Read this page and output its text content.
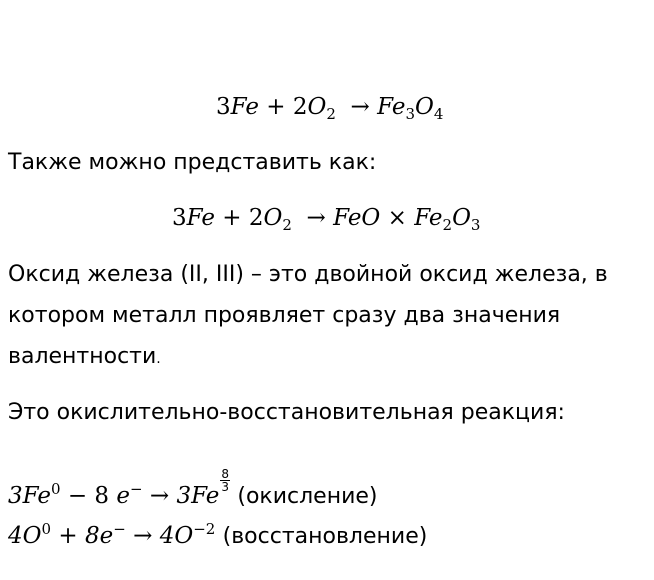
$3Fe + 2O_2 \to Fe_3O_4$
Также можно представить как:
$3Fe + 2O_2$ → FeO × $Fe_2O_3$
Оксид железа (II, III) – это двойной оксид железа, в
котором металл проявляет сразу два значения
валентности.
Это окислительно-восстановительная реакция:
$3Fe^0 - 8$ e− → 3Fe
$\frac{8}{3}$
(окисление)
$4O^0 + 8e^- \to 4O^{-2}$ (восстановление)
